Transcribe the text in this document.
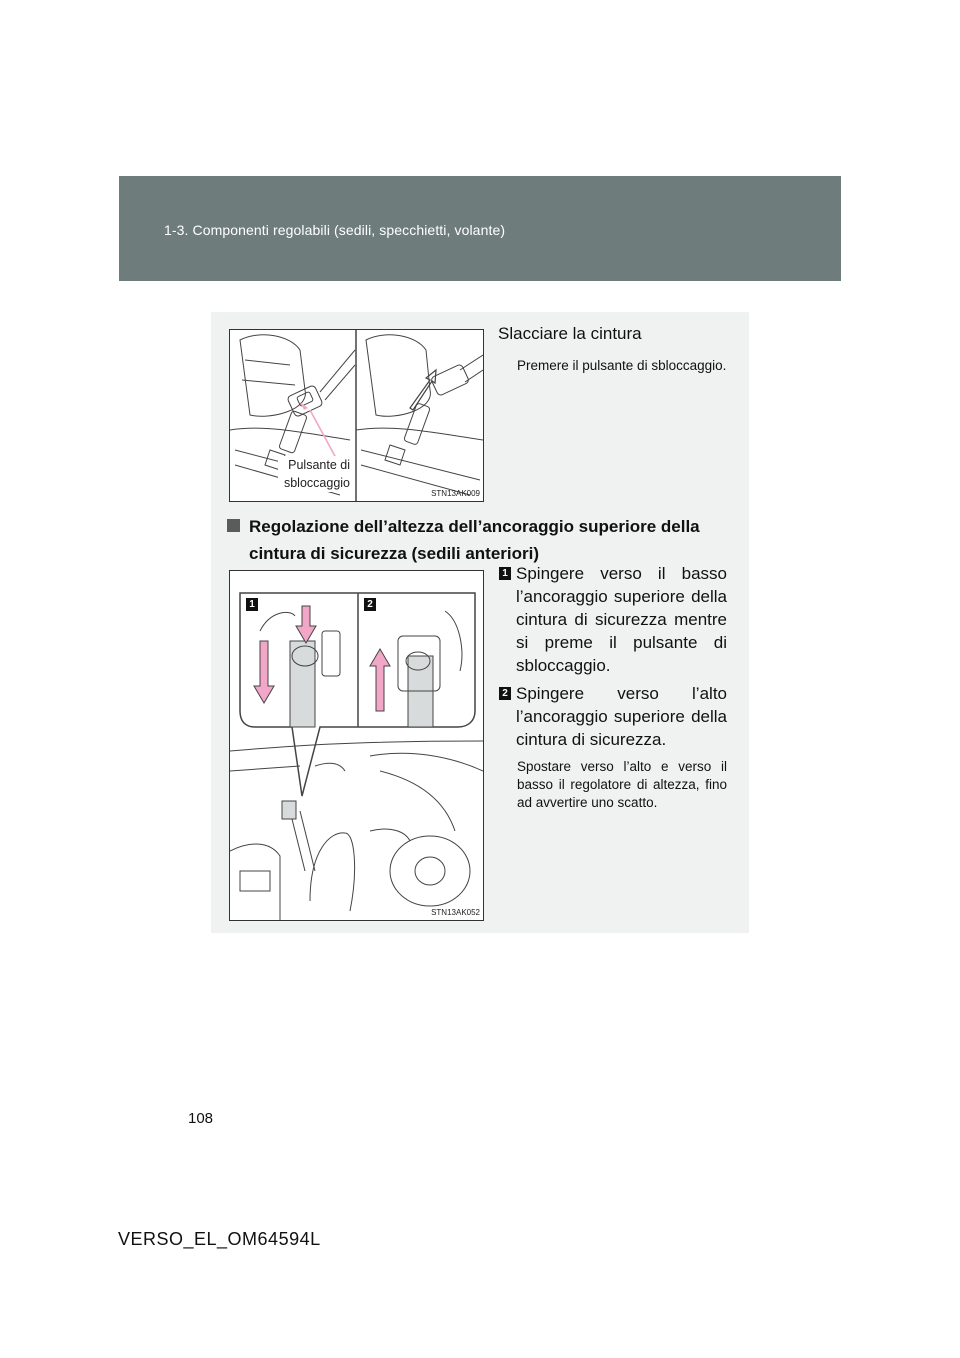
1-3. Componenti regolabili (sedili, specchietti, volante)
Pulsante di
sbloccaggio
STN13AK009
Slacciare la cintura
Premere il pulsante di sbloccaggio.
Regolazione dell’altezza dell’ancoraggio superiore della
cintura di sicurezza (sedili anteriori)
1	2
STN13AK052
1 Spingere verso il basso l’ancoraggio superiore della cintura di sicurezza mentre si preme il pulsante di sbloccaggio.
2 Spingere verso l’alto l’ancoraggio superiore della cintura di sicurezza.
Spostare verso l’alto e verso il basso il regolatore di altezza, fino ad avvertire uno scatto.
108
VERSO_EL_OM64594L
